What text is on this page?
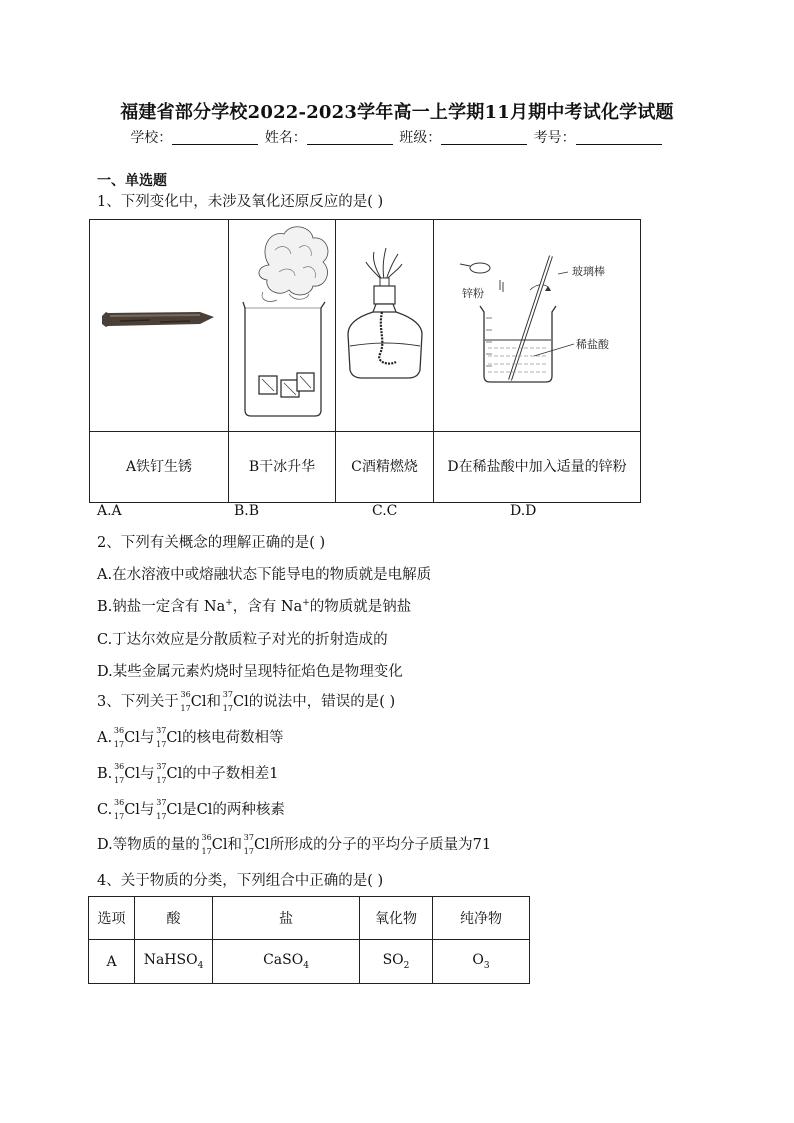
福建省部分学校2022-2023学年高一上学期11月期中考试化学试题
学校：	姓名：	班级：	考号：
一、单选题
1、下列变化中，未涉及氧化还原反应的是( )

锌粉
玻璃棒
稀盐酸

A铁钉生锈	B干冰升华	C酒精燃烧	D在稀盐酸中加入适量的锌粉
A.A	B.B	C.C	D.D
2、下列有关概念的理解正确的是( )
A.在水溶液中或熔融状态下能导电的物质就是电解质
B.钠盐一定含有 Na+，含有 Na+的物质就是钠盐
C.丁达尔效应是分散质粒子对光的折射造成的
D.某些金属元素灼烧时呈现特征焰色是物理变化
3、下列关于 36
17 Cl和 37
17 Cl的说法中，错误的是( )
A. 36
17 Cl与 37
17 Cl的核电荷数相等
B. 36
17 Cl与 37
17 Cl的中子数相差1
C. 36
17 Cl与 37
17 Cl是Cl的两种核素
D.等物质的量的 36
17 Cl和 37
17 Cl所形成的分子的平均分子质量为71
4、关于物质的分类，下列组合中正确的是( )
选项	酸	盐	氧化物	纯净物
A	NaHSO$_4$	CaSO$_4$	$SO_2$	$O_3$
